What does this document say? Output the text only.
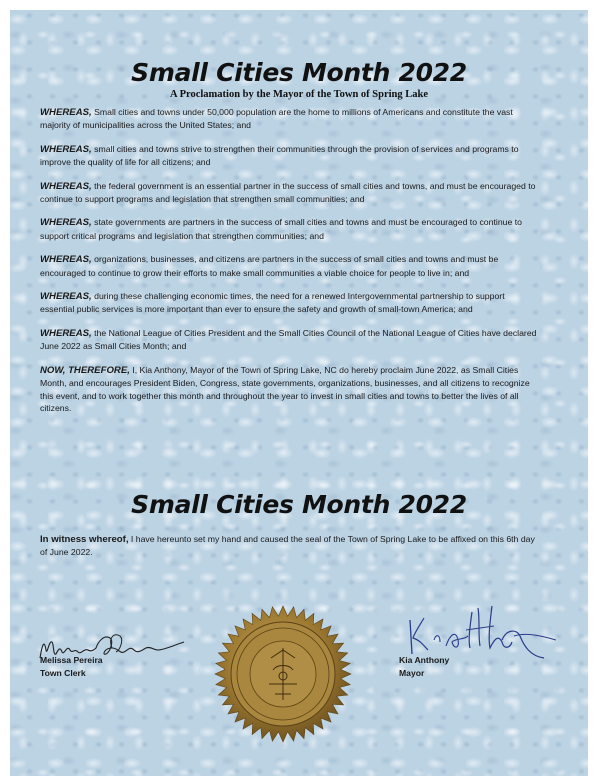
Small Cities Month 2022
A Proclamation by the Mayor of the Town of Spring Lake

WHEREAS, Small cities and towns under 50,000 population are the home to millions of Americans and constitute the vast majority of municipalities across the United States; and

WHEREAS, small cities and towns strive to strengthen their communities through the provision of services and programs to improve the quality of life for all citizens; and

WHEREAS, the federal government is an essential partner in the success of small cities and towns, and must be encouraged to continue to support programs and legislation that strengthen small communities; and

WHEREAS, state governments are partners in the success of small cities and towns and must be encouraged to continue to support critical programs and legislation that strengthen communities; and

WHEREAS, organizations, businesses, and citizens are partners in the success of small cities and towns and must be encouraged to continue to grow their efforts to make small communities a viable choice for people to live in; and

WHEREAS, during these challenging economic times, the need for a renewed Intergovernmental partnership to support essential public services is more important than ever to ensure the safety and growth of small-town America; and

WHEREAS, the National League of Cities President and the Small Cities Council of the National League of Cities have declared June 2022 as Small Cities Month; and

NOW, THEREFORE, I, Kia Anthony, Mayor of the Town of Spring Lake, NC do hereby proclaim June 2022, as Small Cities Month, and encourages President Biden, Congress, state governments, organizations, businesses, and all citizens to recognize this event, and to work together this month and throughout the year to invest in small cities and towns to better the lives of all citizens.

Small Cities Month 2022
In witness whereof, I have hereunto set my hand and caused the seal of the Town of Spring Lake to be affixed on this 6th day of June 2022.
Melissa Pereira
Town Clerk
Kia Anthony
Mayor
